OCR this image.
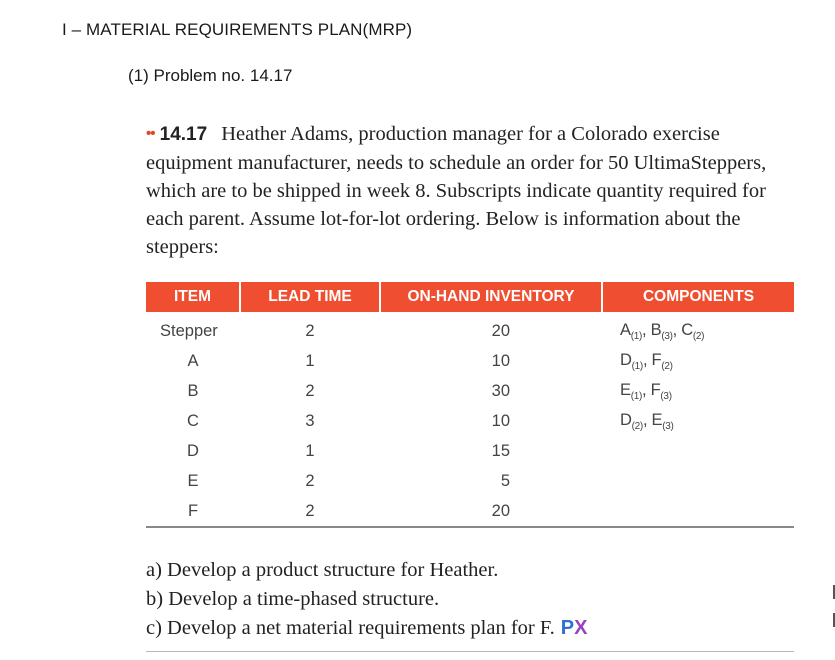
I – MATERIAL REQUIREMENTS PLAN(MRP)
(1) Problem no. 14.17
•• 14.17 Heather Adams, production manager for a Colorado exercise equipment manufacturer, needs to schedule an order for 50 UltimaSteppers, which are to be shipped in week 8. Subscripts indicate quantity required for each parent. Assume lot-for-lot ordering. Below is information about the steppers:
ITEM	LEAD TIME	ON-HAND INVENTORY	COMPONENTS
Stepper	2	20	$A_{(1)}$, $B_{(3)}$, $C_{(2)}$
A	1	10	$D_{(1)}$, $F_{(2)}$
B	2	30	$E_{(1)}$, $F_{(3)}$
C	3	10	$D_{(2)}$, $E_{(3)}$
D	1	15	
E	2	5	
F	2	20	
a) Develop a product structure for Heather.
b) Develop a time-phased structure.
c) Develop a net material requirements plan for F. PX
